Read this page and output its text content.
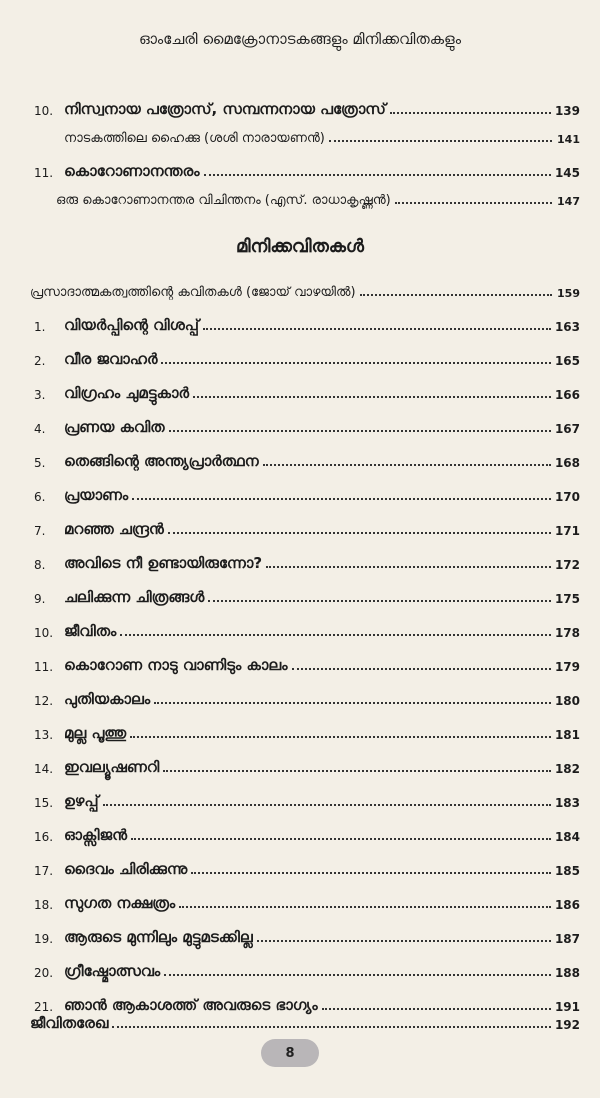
ഓംചേരി മൈക്രോനാടകങ്ങളും മിനിക്കവിതകളും
10. നിസ്വനായ പത്രോസ്, സമ്പന്നനായ പത്രോസ്	139
നാടകത്തിലെ ഹൈക്കു (ശശി നാരായണൻ)	141
11. കൊറോണാനന്തരം	145
ഒരു കൊറോണാനന്തര വിചിന്തനം (എസ്. രാധാകൃഷ്ണൻ)	147
മിനിക്കവിതകൾ
പ്രസാദാത്മകത്വത്തിന്റെ കവിതകൾ (ജോയ് വാഴയിൽ)	159
1.	വിയർപ്പിന്റെ വിശപ്പ്	163
2.	വീര ജവാഹർ	165
3.	വിഗ്രഹം ചുമട്ടുകാർ	166
4.	പ്രണയ കവിത	167
5.	തെങ്ങിന്റെ അന്ത്യപ്രാർത്ഥന	168
6.	പ്രയാണം	170
7.	മറഞ്ഞ ചന്ദ്രൻ	171
8.	അവിടെ നീ ഉണ്ടായിരുന്നോ?	172
9.	ചലിക്കുന്ന ചിത്രങ്ങൾ	175
10. ജീവിതം	178
11. കൊറോണ നാടു വാണിടും കാലം	179
12. പുതിയകാലം	180
13. മുല്ല പൂത്തു	181
14. ഇവല്യൂഷണറി	182
15. ഉഴപ്പ്	183
16. ഓക്സിജൻ	184
17. ദൈവം ചിരിക്കുന്നു	185
18. സുഗത നക്ഷത്രം	186
19. ആരുടെ മുന്നിലും മുട്ടുമടക്കില്ല	187
20. ഗ്രീഷ്മോത്സവം	188
21. ഞാൻ ആകാശത്ത് അവരുടെ ഭാഗ്യം	191
ജീവിതരേഖ	192
8
